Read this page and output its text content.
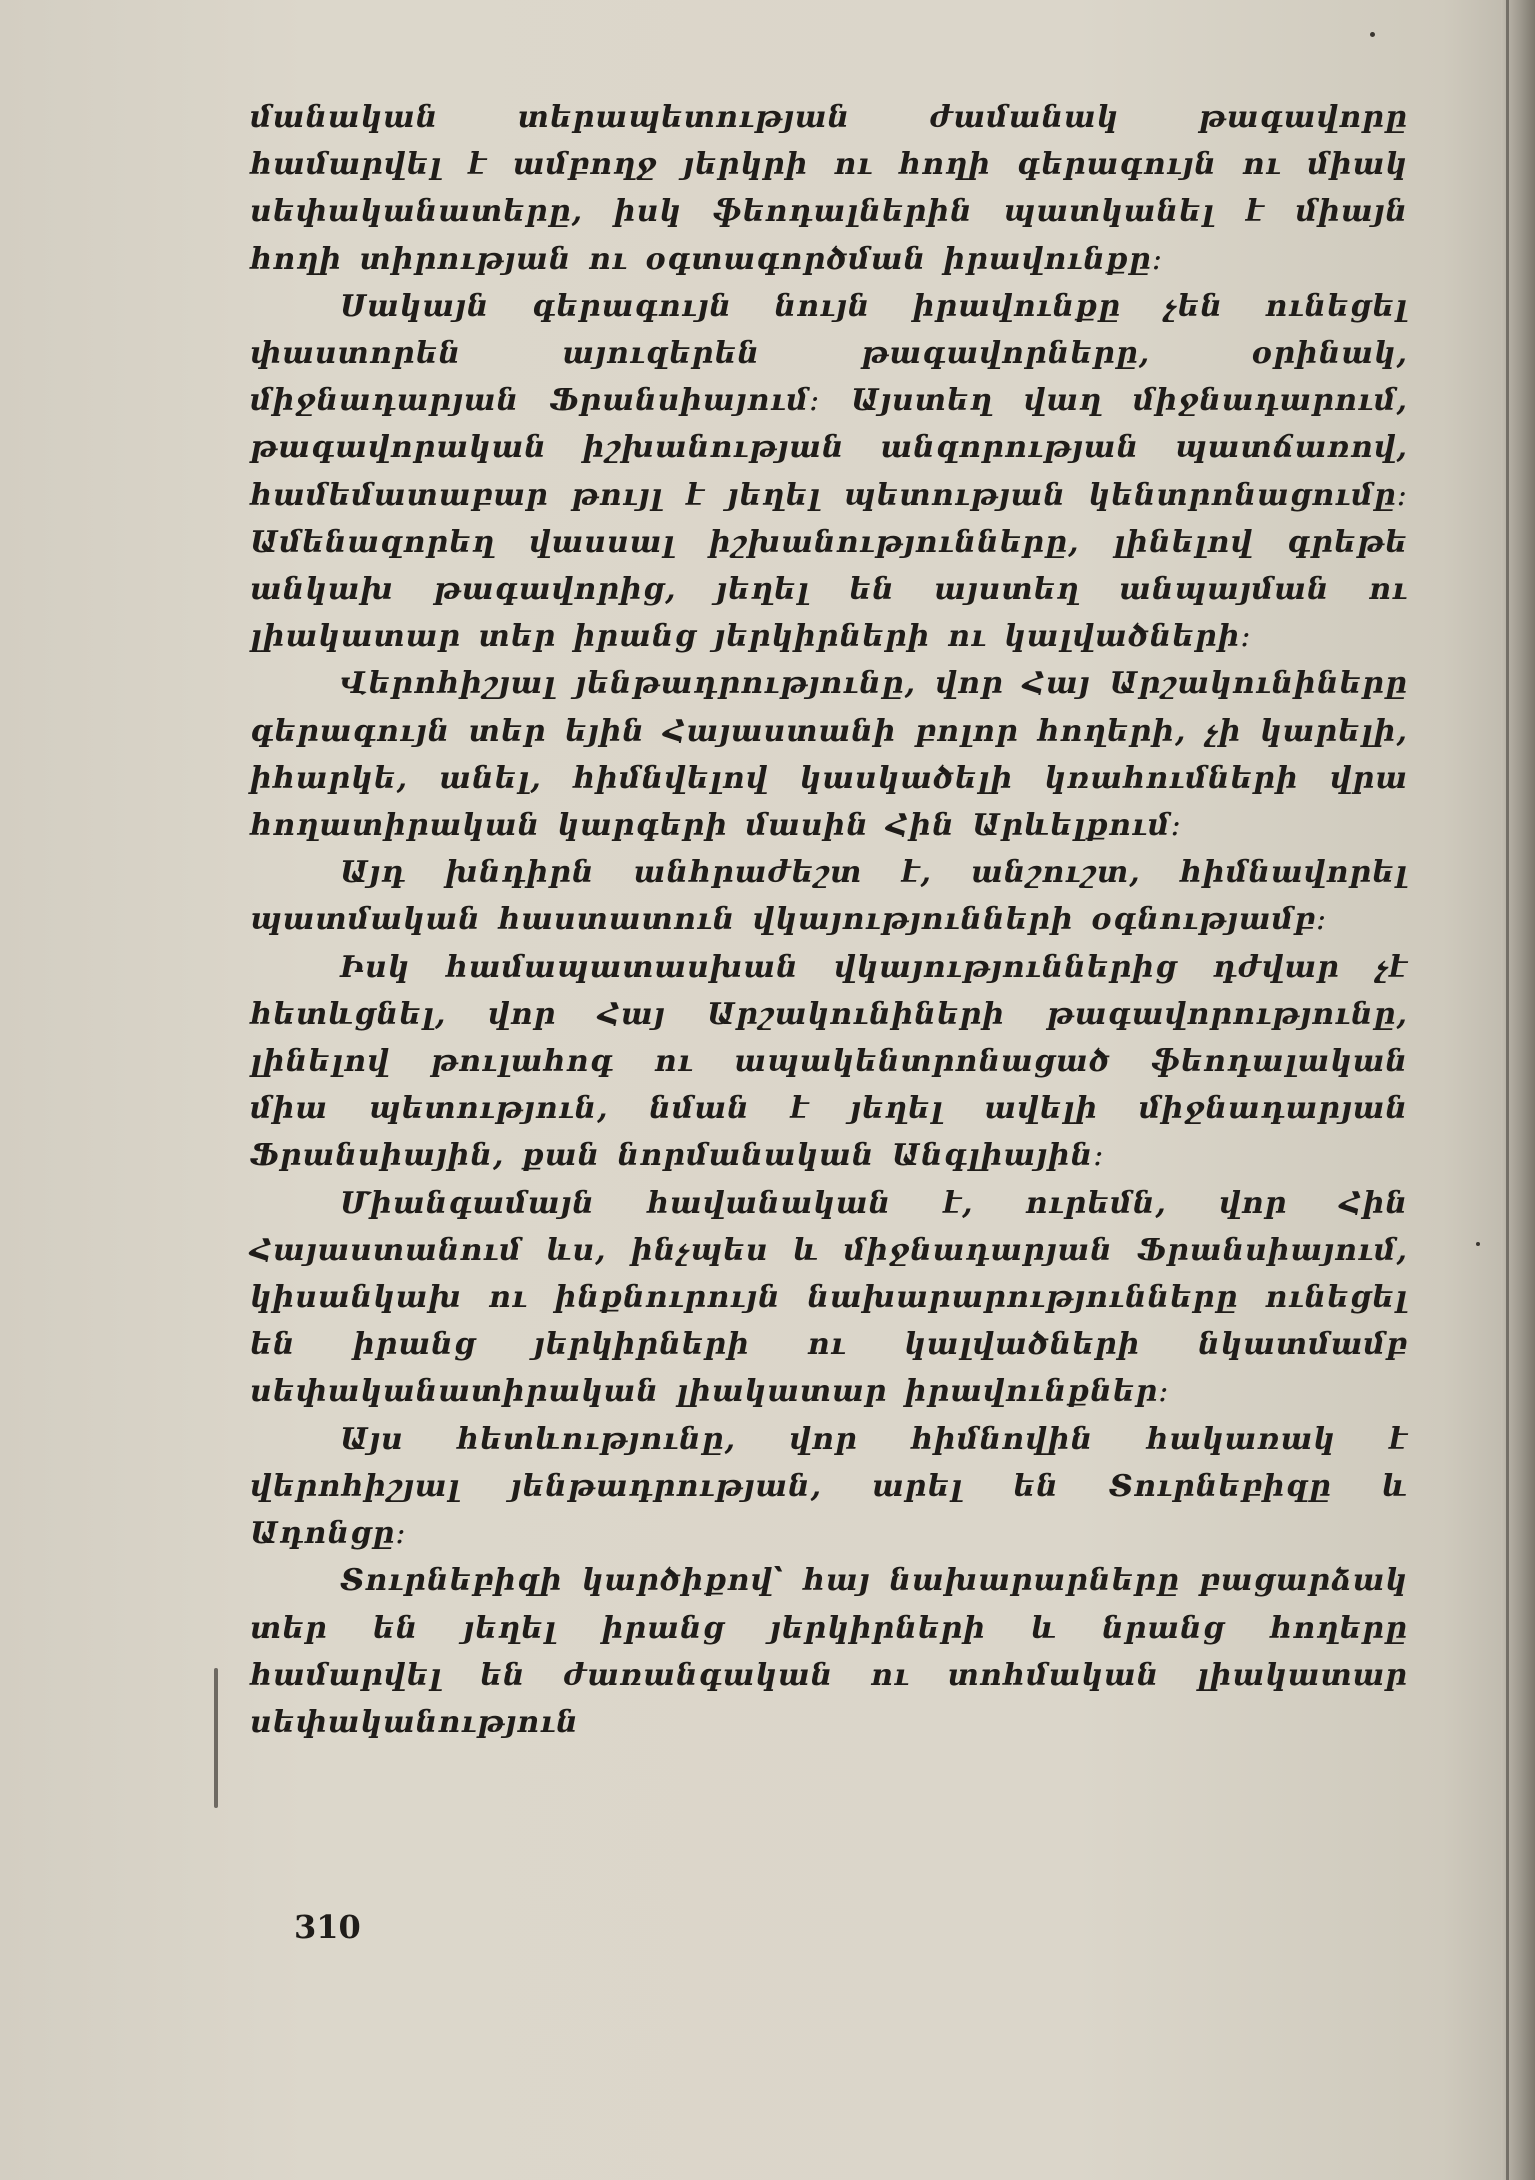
մանական տերապետության ժամանակ թագավորը համարվել է ամբողջ յերկրի ու հողի գերագույն ու միակ սեփականատերը, իսկ ֆեոդալներին պատկանել է միայն հողի տիրության ու օգտագործման իրավունքը։

Սակայն գերագույն նույն իրավունքը չեն ունեցել փաստորեն այուզերեն թագավորները, օրինակ, միջնադարյան Ֆրանսիայում։ Այստեղ վաղ միջնադարում, թագավորական իշխանության անզորության պատճառով, համեմատաբար թույլ է յեղել պետության կենտրոնացումը։ Ամենազորեղ վասսալ իշխանությունները, լինելով գրեթե անկախ թագավորից, յեղել են այստեղ անպայման ու լիակատար տեր իրանց յերկիրների ու կալվածների։

Վերոհիշյալ յենթադրությունը, վոր Հայ Արշակունիները գերագույն տեր եյին Հայաստանի բոլոր հողերի, չի կարելի, իհարկե, անել, հիմնվելով կասկածելի կռահումների վրա հողատիրական կարգերի մասին Հին Արևելքում։

Այդ խնդիրն անհրաժեշտ է, անշուշտ, հիմնավորել պատմական հաստատուն վկայությունների օգնությամբ։

Իսկ համապատասխան վկայություններից դժվար չէ հետևցնել, վոր Հայ Արշակունիների թագավորությունը, լինելով թուլահոգ ու ապակենտրոնացած ֆեոդալական միա պետություն, նման է յեղել ավելի միջնադարյան Ֆրանսիային, քան նորմանական Անգլիային։

Միանգամայն հավանական է, ուրեմն, վոր Հին Հայաստանում ևս, ինչպես և միջնադարյան Ֆրանսիայում, կիսանկախ ու ինքնուրույն նախարարությունները ունեցել են իրանց յերկիրների ու կալվածների նկատմամբ սեփականատիրական լիակատար իրավունքներ։

Այս հետևությունը, վոր հիմնովին հակառակ է վերոհիշյալ յենթադրության, արել են Տուրնեբիզը և Ադոնցը։

Տուրնեբիզի կարծիքով՝ հայ նախարարները բացարձակ տեր են յեղել իրանց յերկիրների և նրանց հողերը համարվել են ժառանգական ու տոհմական լիակատար սեփականություն

310
